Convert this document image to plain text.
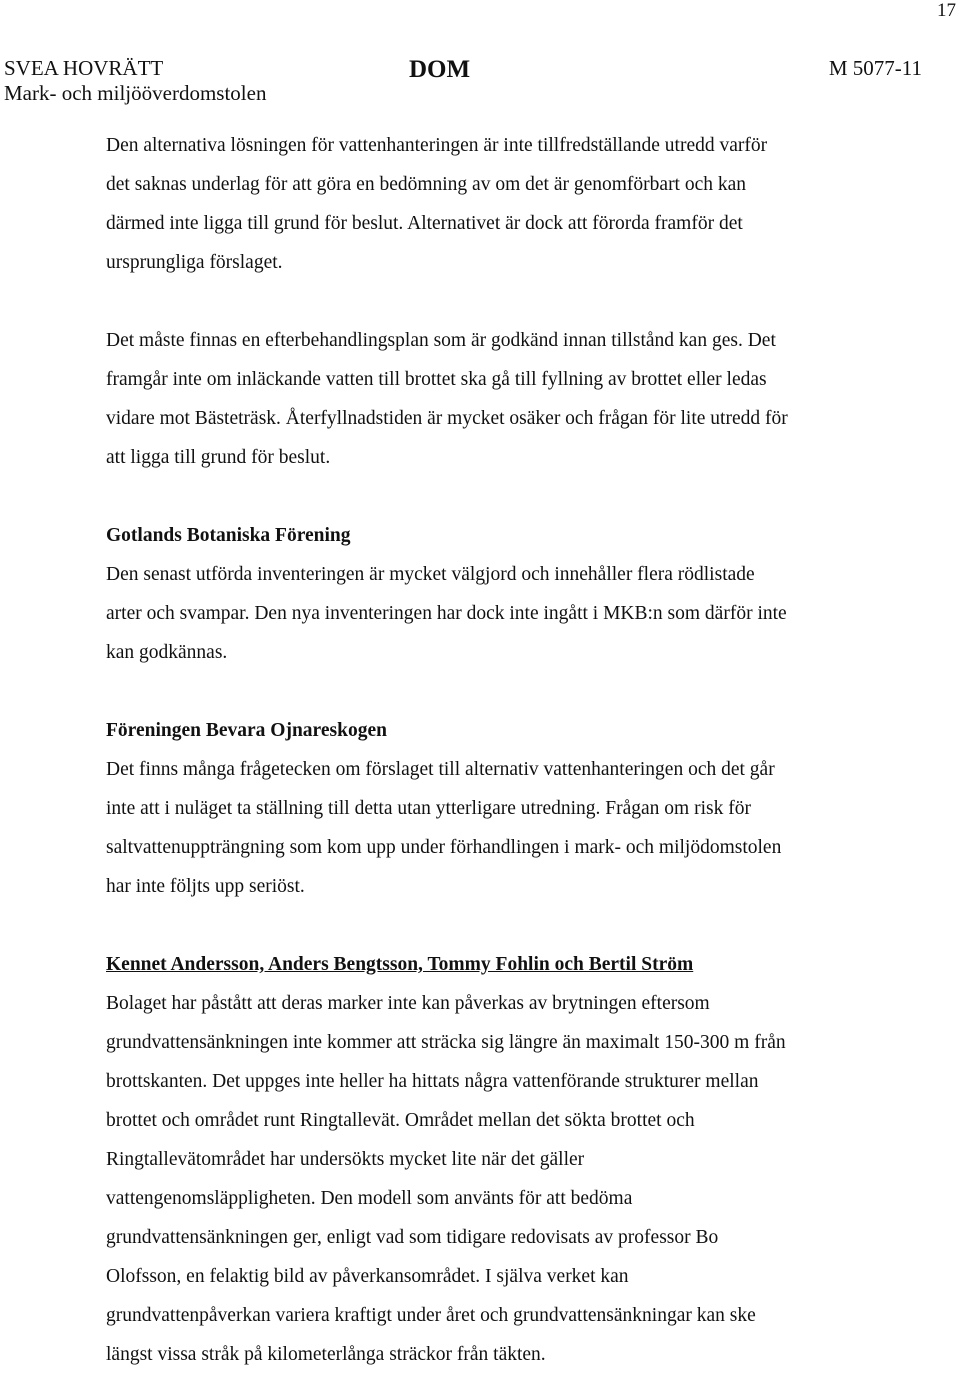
17
SVEA HOVRÄTT
Mark- och miljööverdomstolen
DOM	M 5077-11

Den alternativa lösningen för vattenhanteringen är inte tillfredställande utredd varför
det saknas underlag för att göra en bedömning av om det är genomförbart och kan
därmed inte ligga till grund för beslut. Alternativet är dock att förorda framför det
ursprungliga förslaget.

Det måste finnas en efterbehandlingsplan som är godkänd innan tillstånd kan ges. Det
framgår inte om inläckande vatten till brottet ska gå till fyllning av brottet eller ledas
vidare mot Bästeträsk. Återfyllnadstiden är mycket osäker och frågan för lite utredd för
att ligga till grund för beslut.

Gotlands Botaniska Förening

Den senast utförda inventeringen är mycket välgjord och innehåller flera rödlistade
arter och svampar. Den nya inventeringen har dock inte ingått i MKB:n som därför inte
kan godkännas.

Föreningen Bevara Ojnareskogen

Det finns många frågetecken om förslaget till alternativ vattenhanteringen och det går
inte att i nuläget ta ställning till detta utan ytterligare utredning. Frågan om risk för
saltvattenuppträngning som kom upp under förhandlingen i mark- och miljödomstolen
har inte följts upp seriöst.

Kennet Andersson, Anders Bengtsson, Tommy Fohlin och Bertil Ström

Bolaget har påstått att deras marker inte kan påverkas av brytningen eftersom
grundvattensänkningen inte kommer att sträcka sig längre än maximalt 150-300 m från
brottskanten. Det uppges inte heller ha hittats några vattenförande strukturer mellan
brottet och området runt Ringtallevät. Området mellan det sökta brottet och
Ringtallevätområdet har undersökts mycket lite när det gäller
vattengenomsläppligheten. Den modell som använts för att bedöma
grundvattensänkningen ger, enligt vad som tidigare redovisats av professor Bo
Olofsson, en felaktig bild av påverkansområdet. I själva verket kan
grundvattenpåverkan variera kraftigt under året och grundvattensänkningar kan ske
längst vissa stråk på kilometerlånga sträckor från täkten.
